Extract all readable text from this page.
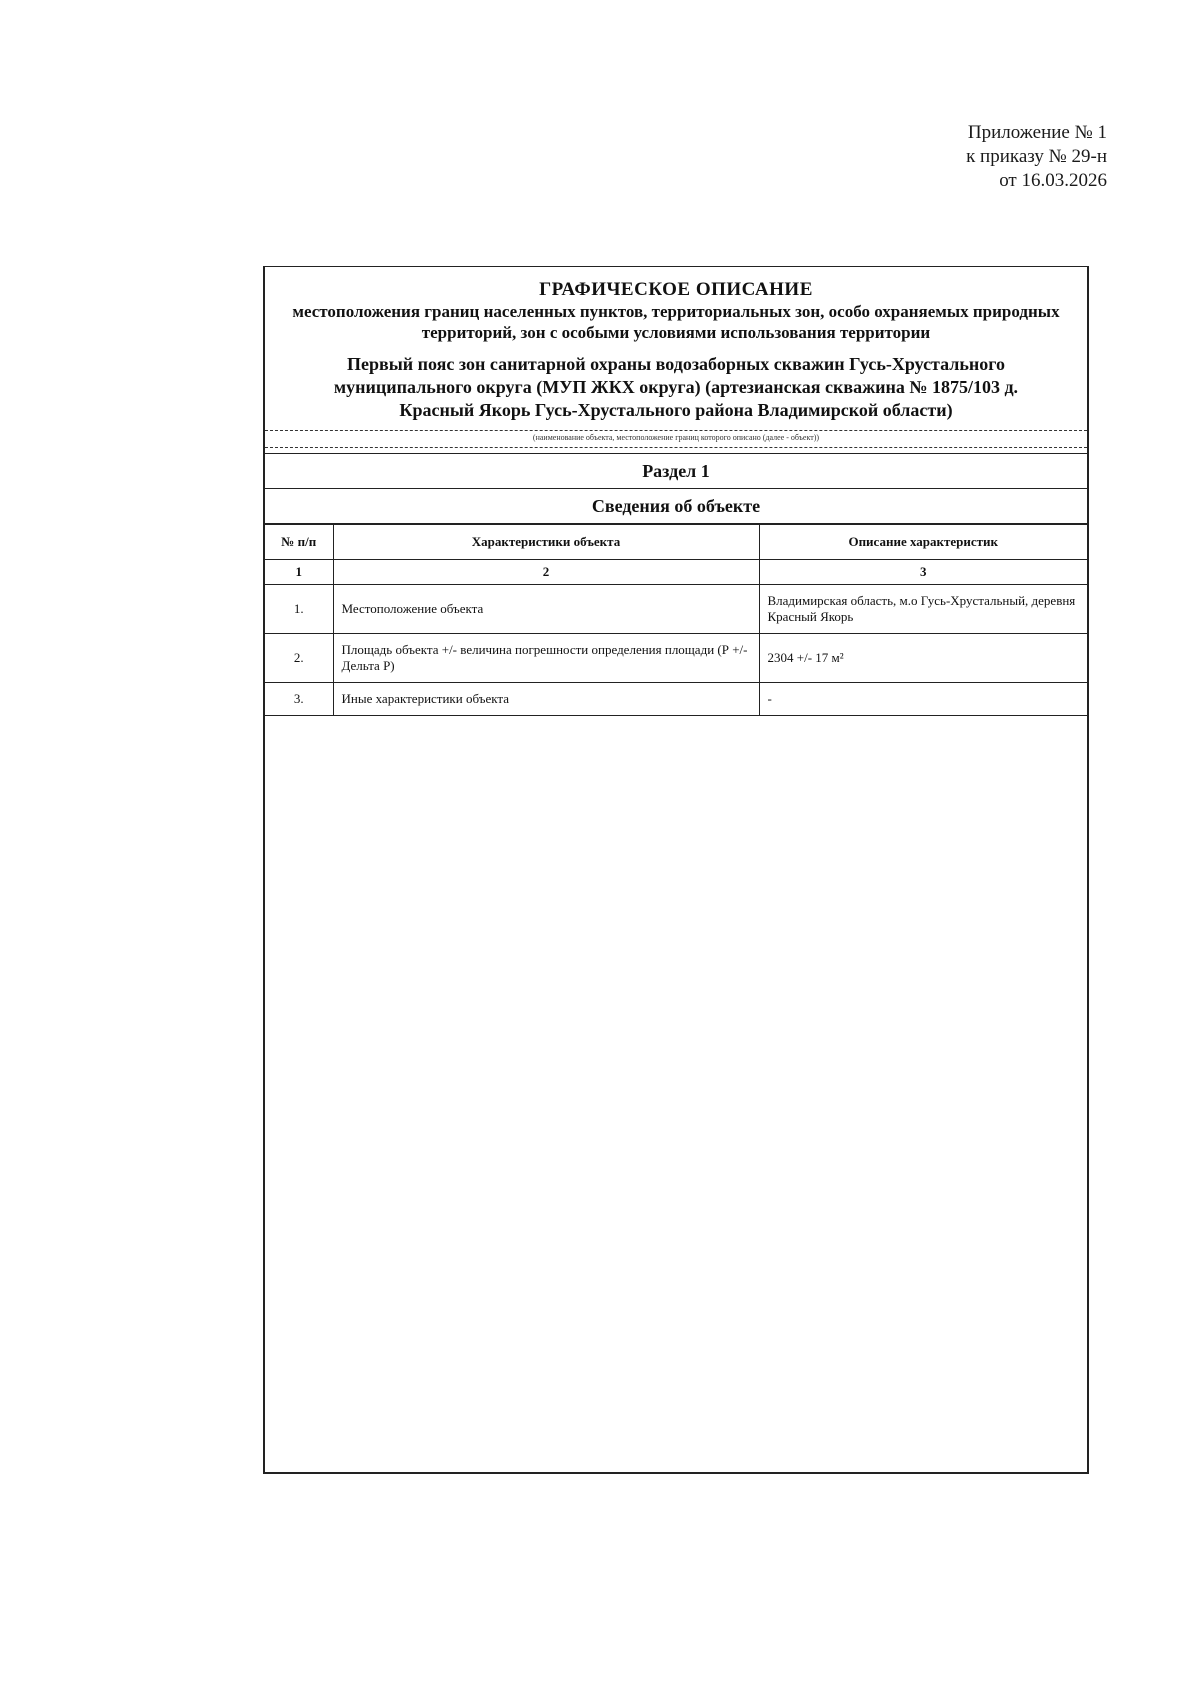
Приложение № 1
к приказу № 29-н
от 16.03.2026
ГРАФИЧЕСКОЕ ОПИСАНИЕ
местоположения границ населенных пунктов, территориальных зон, особо охраняемых природных территорий, зон с особыми условиями использования территории
Первый пояс зон санитарной охраны водозаборных скважин Гусь-Хрустального муниципального округа (МУП ЖКХ округа) (артезианская скважина № 1875/103 д. Красный Якорь Гусь-Хрустального района Владимирской области)
(наименование объекта, местоположение границ которого описано (далее - объект))
Раздел 1
Сведения об объекте
№ п/п	Характеристики объекта	Описание характеристик
1	2	3
1.	Местоположение объекта	Владимирская область, м.о Гусь-Хрустальный, деревня Красный Якорь
2.	Площадь объекта +/- величина погрешности определения площади (Р +/- Дельта Р)	2304 +/- 17 м²
3.	Иные характеристики объекта	-
